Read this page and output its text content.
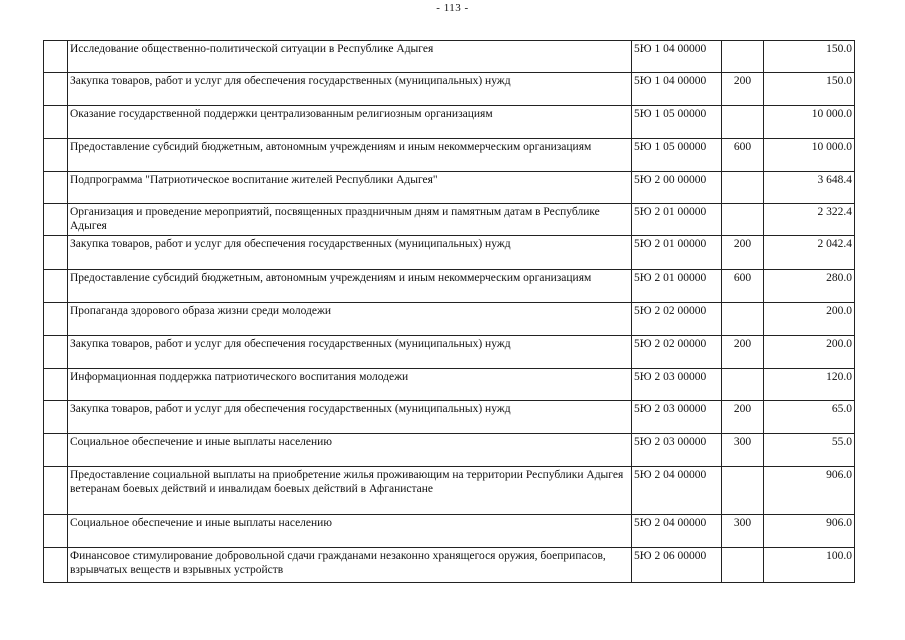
- 113 -
	Исследование общественно-политической ситуации в Республике Адыгея	5Ю 1 04 00000		150.0
	Закупка товаров, работ и услуг для обеспечения государственных (муниципальных) нужд	5Ю 1 04 00000	200	150.0
	Оказание государственной поддержки централизованным религиозным организациям	5Ю 1 05 00000		10 000.0
	Предоставление субсидий бюджетным, автономным учреждениям и иным некоммерческим организациям	5Ю 1 05 00000	600	10 000.0
	Подпрограмма "Патриотическое воспитание жителей Республики Адыгея"	5Ю 2 00 00000		3 648.4
	Организация и проведение мероприятий, посвященных праздничным дням и памятным датам в Республике Адыгея	5Ю 2 01 00000		2 322.4
	Закупка товаров, работ и услуг для обеспечения государственных (муниципальных) нужд	5Ю 2 01 00000	200	2 042.4
	Предоставление субсидий бюджетным, автономным учреждениям и иным некоммерческим организациям	5Ю 2 01 00000	600	280.0
	Пропаганда здорового образа жизни среди молодежи	5Ю 2 02 00000		200.0
	Закупка товаров, работ и услуг для обеспечения государственных (муниципальных) нужд	5Ю 2 02 00000	200	200.0
	Информационная поддержка патриотического воспитания молодежи	5Ю 2 03 00000		120.0
	Закупка товаров, работ и услуг для обеспечения государственных (муниципальных) нужд	5Ю 2 03 00000	200	65.0
	Социальное обеспечение и иные выплаты населению	5Ю 2 03 00000	300	55.0
	Предоставление социальной выплаты на приобретение жилья проживающим на территории Республики Адыгея ветеранам боевых действий и инвалидам боевых действий в Афганистане	5Ю 2 04 00000		906.0
	Социальное обеспечение и иные выплаты населению	5Ю 2 04 00000	300	906.0
	Финансовое стимулирование добровольной сдачи гражданами незаконно хранящегося оружия, боеприпасов, взрывчатых веществ и взрывных устройств	5Ю 2 06 00000		100.0
